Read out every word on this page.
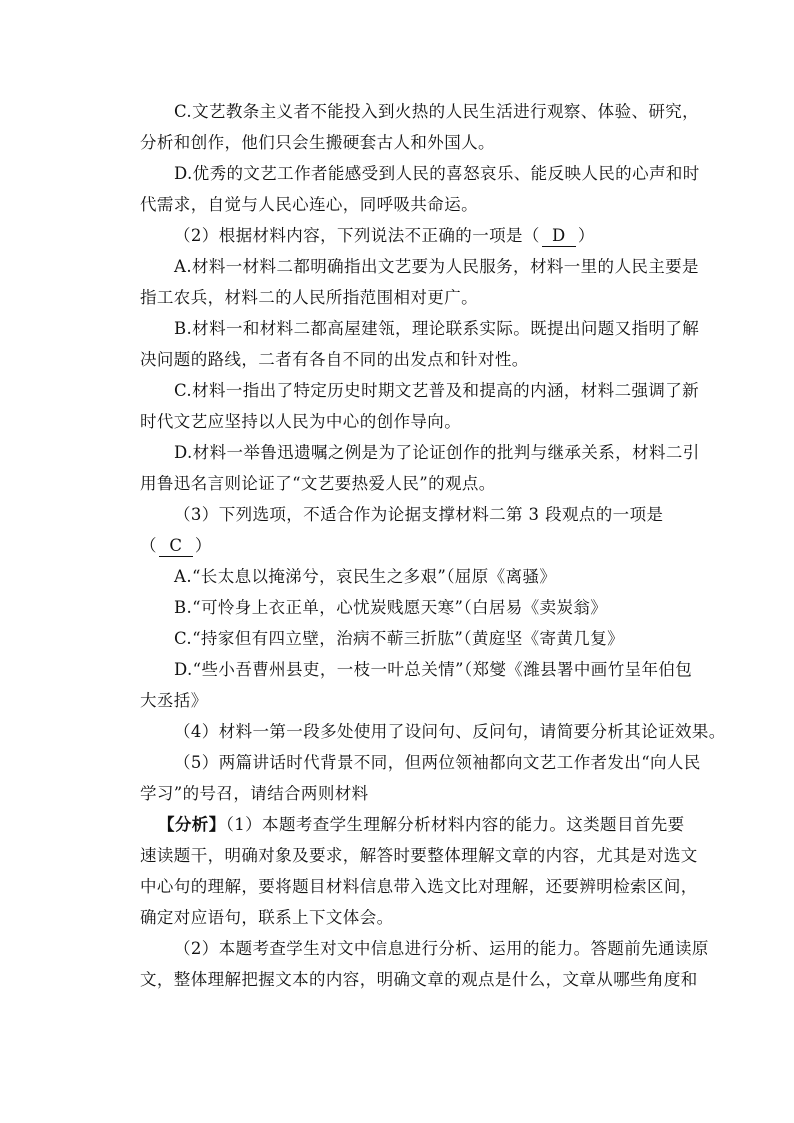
C.文艺教条主义者不能投入到火热的人民生活进行观察、体验、研究，
分析和创作，他们只会生搬硬套古人和外国人。
D.优秀的文艺工作者能感受到人民的喜怒哀乐、能反映人民的心声和时
代需求，自觉与人民心连心，同呼吸共命运。
（2）根据材料内容，下列说法不正确的一项是（ D ）
A.材料一材料二都明确指出文艺要为人民服务，材料一里的人民主要是
指工农兵，材料二的人民所指范围相对更广。
B.材料一和材料二都高屋建瓴，理论联系实际。既提出问题又指明了解
决问题的路线，二者有各自不同的出发点和针对性。
C.材料一指出了特定历史时期文艺普及和提高的内涵，材料二强调了新
时代文艺应坚持以人民为中心的创作导向。
D.材料一举鲁迅遗嘱之例是为了论证创作的批判与继承关系，材料二引
用鲁迅名言则论证了“文艺要热爱人民”的观点。
（3）下列选项，不适合作为论据支撑材料二第 3 段观点的一项是
（ C ）
A.“长太息以掩涕兮，哀民生之多艰”（屈原《离骚》
B.“可怜身上衣正单，心忧炭贱愿天寒”（白居易《卖炭翁》
C.“持家但有四立壁，治病不蕲三折肱”（黄庭坚《寄黄几复》
D.“些小吾曹州县吏，一枝一叶总关情”（郑燮《潍县署中画竹呈年伯包
大丞括》
（4）材料一第一段多处使用了设问句、反问句，请简要分析其论证效果。
（5）两篇讲话时代背景不同，但两位领袖都向文艺工作者发出“向人民
学习”的号召，请结合两则材料
【分析】（1）本题考查学生理解分析材料内容的能力。这类题目首先要
速读题干，明确对象及要求，解答时要整体理解文章的内容，尤其是对选文
中心句的理解，要将题目材料信息带入选文比对理解，还要辨明检索区间，
确定对应语句，联系上下文体会。
（2）本题考查学生对文中信息进行分析、运用的能力。答题前先通读原
文，整体理解把握文本的内容，明确文章的观点是什么，文章从哪些角度和
